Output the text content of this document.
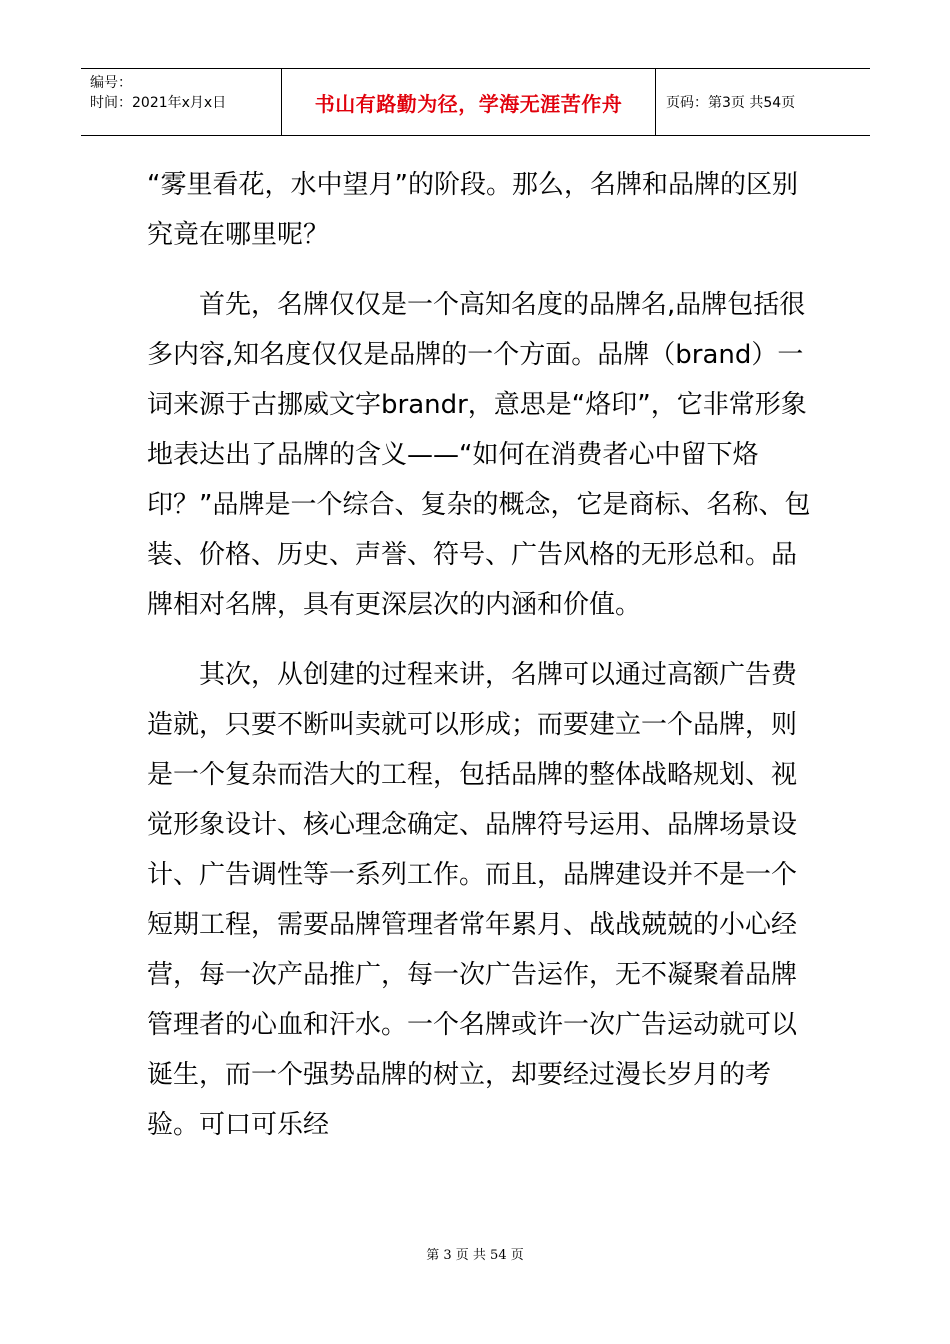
编号：
时间：2021年x月x日	书山有路勤为径，学海无涯苦作舟	页码：第3页 共54页

“雾里看花，水中望月”的阶段。那么，名牌和品牌的区别究竟在哪里呢？

首先，名牌仅仅是一个高知名度的品牌名,品牌包括很多内容,知名度仅仅是品牌的一个方面。品牌（brand）一词来源于古挪威文字brandr，意思是“烙印”，它非常形象地表达出了品牌的含义——“如何在消费者心中留下烙印？”品牌是一个综合、复杂的概念，它是商标、名称、包装、价格、历史、声誉、符号、广告风格的无形总和。品牌相对名牌，具有更深层次的内涵和价值。

其次，从创建的过程来讲，名牌可以通过高额广告费造就，只要不断叫卖就可以形成；而要建立一个品牌，则是一个复杂而浩大的工程，包括品牌的整体战略规划、视觉形象设计、核心理念确定、品牌符号运用、品牌场景设计、广告调性等一系列工作。而且，品牌建设并不是一个短期工程，需要品牌管理者常年累月、战战兢兢的小心经营，每一次产品推广，每一次广告运作，无不凝聚着品牌管理者的心血和汗水。一个名牌或许一次广告运动就可以诞生，而一个强势品牌的树立，却要经过漫长岁月的考验。可口可乐经

第 3 页 共 54 页
